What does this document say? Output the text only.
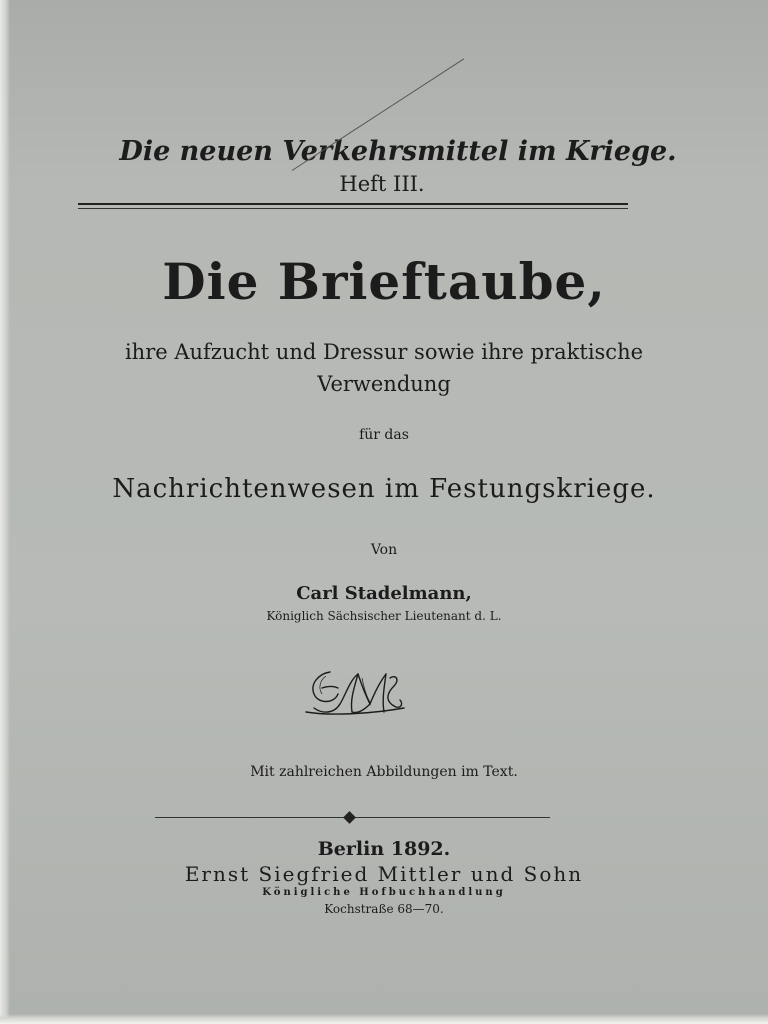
Die neuen Verkehrsmittel im Kriege.
Heft III.
Die Brieftaube,
ihre Aufzucht und Dressur sowie ihre praktische
Verwendung
für das
Nachrichtenwesen im Festungskriege.
Von
Carl Stadelmann,
Königlich Sächsischer Lieutenant d. L.
Mit zahlreichen Abbildungen im Text.
Berlin 1892.
Ernst Siegfried Mittler und Sohn
Königliche Hofbuchhandlung
Kochstraße 68—70.
